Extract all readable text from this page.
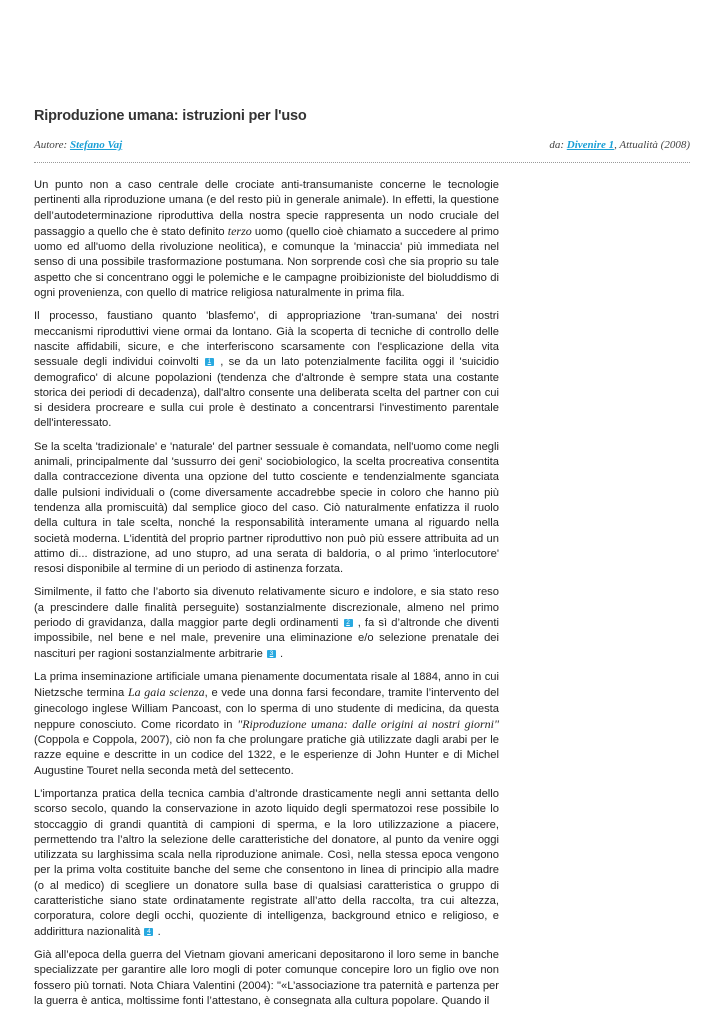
Riproduzione umana: istruzioni per l'uso
Autore: Stefano Vaj	da: Divenire 1, Attualità (2008)

Un punto non a caso centrale delle crociate anti-transumaniste concerne le tecnologie pertinenti alla riproduzione umana (e del resto più in generale animale). In effetti, la questione dell’autodeterminazione riproduttiva della nostra specie rappresenta un nodo cruciale del passaggio a quello che è stato definito terzo uomo (quello cioè chiamato a succedere al primo uomo ed all'uomo della rivoluzione neolitica), e comunque la 'minaccia' più immediata nel senso di una possibile trasformazione postumana. Non sorprende così che sia proprio su tale aspetto che si concentrano oggi le polemiche e le campagne proibizioniste del bioluddismo di ogni provenienza, con quello di matrice religiosa naturalmente in prima fila.

Il processo, faustiano quanto 'blasfemo', di appropriazione 'tran-sumana' dei nostri meccanismi riproduttivi viene ormai da lontano. Già la scoperta di tecniche di controllo delle nascite affidabili, sicure, e che interferiscono scarsamente con l'esplicazione della vita sessuale degli individui coinvolti 1 , se da un lato potenzialmente facilita oggi il 'suicidio demografico' di alcune popolazioni (tendenza che d'altronde è sempre stata una costante storica dei periodi di decadenza), dall'altro consente una deliberata scelta del partner con cui si desidera procreare e sulla cui prole è destinato a concentrarsi l'investimento parentale dell'interessato.

Se la scelta 'tradizionale' e 'naturale' del partner sessuale è comandata, nell'uomo come negli animali, principalmente dal 'sussurro dei geni' sociobiologico, la scelta procreativa consentita dalla contraccezione diventa una opzione del tutto cosciente e tendenzialmente sganciata dalle pulsioni individuali o (come diversamente accadrebbe specie in coloro che hanno più tendenza alla promiscuità) dal semplice gioco del caso. Ciò naturalmente enfatizza il ruolo della cultura in tale scelta, nonché la responsabilità interamente umana al riguardo nella società moderna. L'identità del proprio partner riproduttivo non può più essere attribuita ad un attimo di... distrazione, ad uno stupro, ad una serata di baldoria, o al primo 'interlocutore' resosi disponibile al termine di un periodo di astinenza forzata.

Similmente, il fatto che l’aborto sia divenuto relativamente sicuro e indolore, e sia stato reso (a prescindere dalle finalità perseguite) sostanzialmente discrezionale, almeno nel primo periodo di gravidanza, dalla maggior parte degli ordinamenti 2 , fa sì d’altronde che diventi impossibile, nel bene e nel male, prevenire una eliminazione e/o selezione prenatale dei nascituri per ragioni sostanzialmente arbitrarie 3 .

La prima inseminazione artificiale umana pienamente documentata risale al 1884, anno in cui Nietzsche termina La gaia scienza, e vede una donna farsi fecondare, tramite l’intervento del ginecologo inglese William Pancoast, con lo sperma di uno studente di medicina, da questa neppure conosciuto. Come ricordato in "Riproduzione umana: dalle origini ai nostri giorni" (Coppola e Coppola, 2007), ciò non fa che prolungare pratiche già utilizzate dagli arabi per le razze equine e descritte in un codice del 1322, e le esperienze di John Hunter e di Michel Augustine Touret nella seconda metà del settecento.

L'importanza pratica della tecnica cambia d’altronde drasticamente negli anni settanta dello scorso secolo, quando la conservazione in azoto liquido degli spermatozoi rese possibile lo stoccaggio di grandi quantità di campioni di sperma, e la loro utilizzazione a piacere, permettendo tra l’altro la selezione delle caratteristiche del donatore, al punto da venire oggi utilizzata su larghissima scala nella riproduzione animale. Così, nella stessa epoca vengono per la prima volta costituite banche del seme che consentono in linea di principio alla madre (o al medico) di scegliere un donatore sulla base di qualsiasi caratteristica o gruppo di caratteristiche siano state ordinatamente registrate all’atto della raccolta, tra cui altezza, corporatura, colore degli occhi, quoziente di intelligenza, background etnico e religioso, e addirittura nazionalità 4 .

Già all’epoca della guerra del Vietnam giovani americani depositarono il loro seme in banche specializzate per garantire alle loro mogli di poter comunque concepire loro un figlio ove non fossero più tornati. Nota Chiara Valentini (2004): "«L’associazione tra paternità e partenza per la guerra è antica, moltissime fonti l’attestano, è consegnata alla cultura popolare. Quando il
